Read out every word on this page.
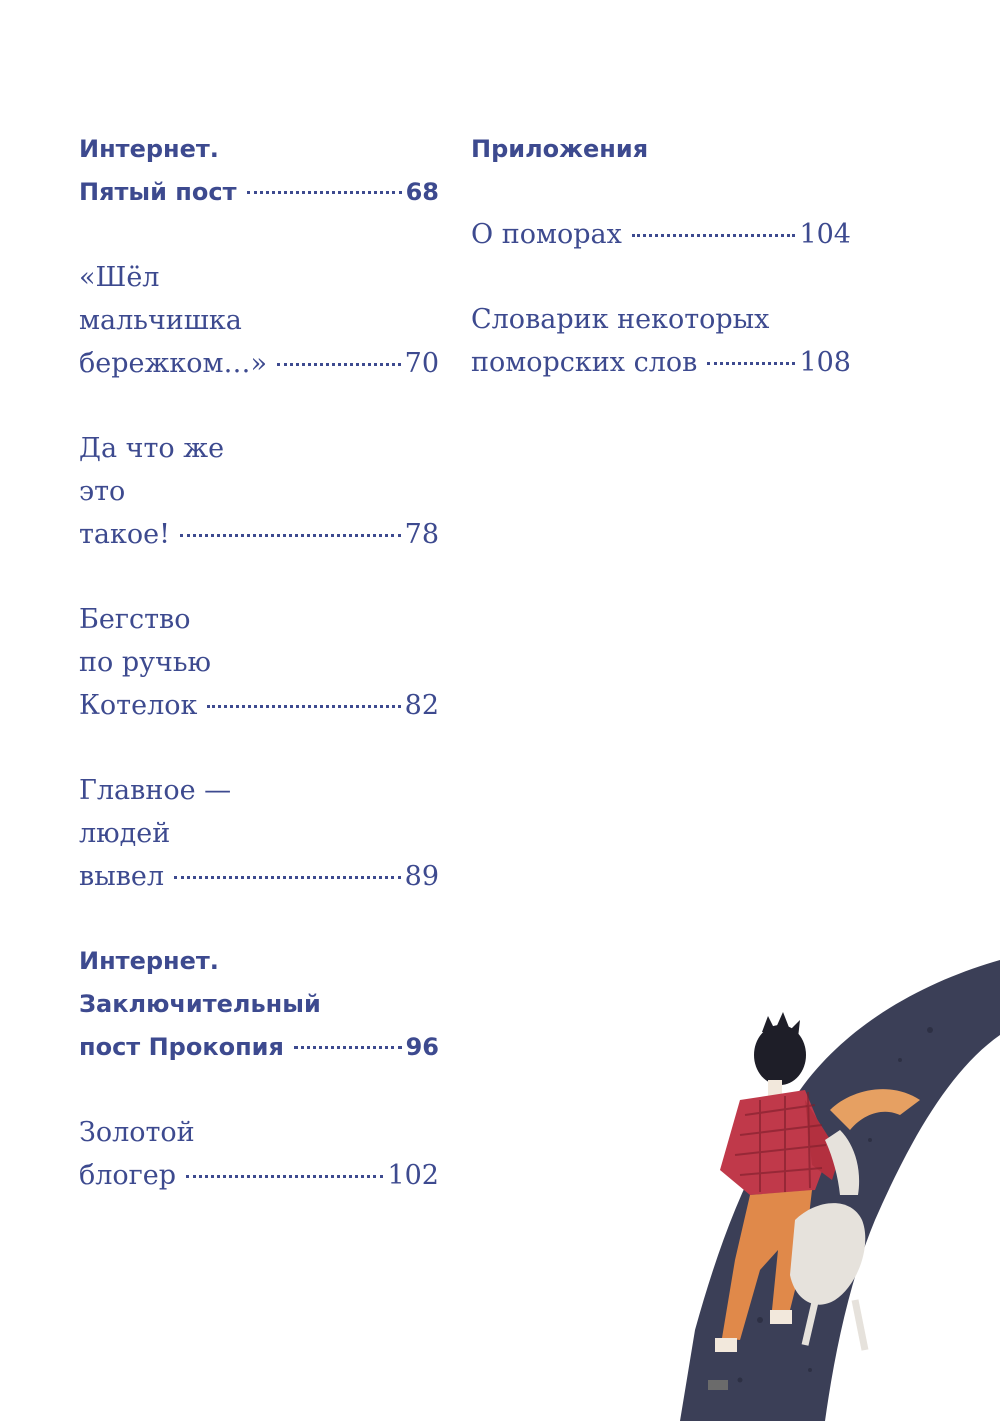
Интернет.
Пятый пост	68
«Шёл
мальчишка
бережком…»	70
Да что же
это
такое!	78
Бегство
по ручью
Котелок	82
Главное —
людей
вывел	89
Интернет.
Заключительный
пост Прокопия	96
Золотой
блогер	102
Приложения
О поморах	104
Словарик некоторых
поморских слов	108
